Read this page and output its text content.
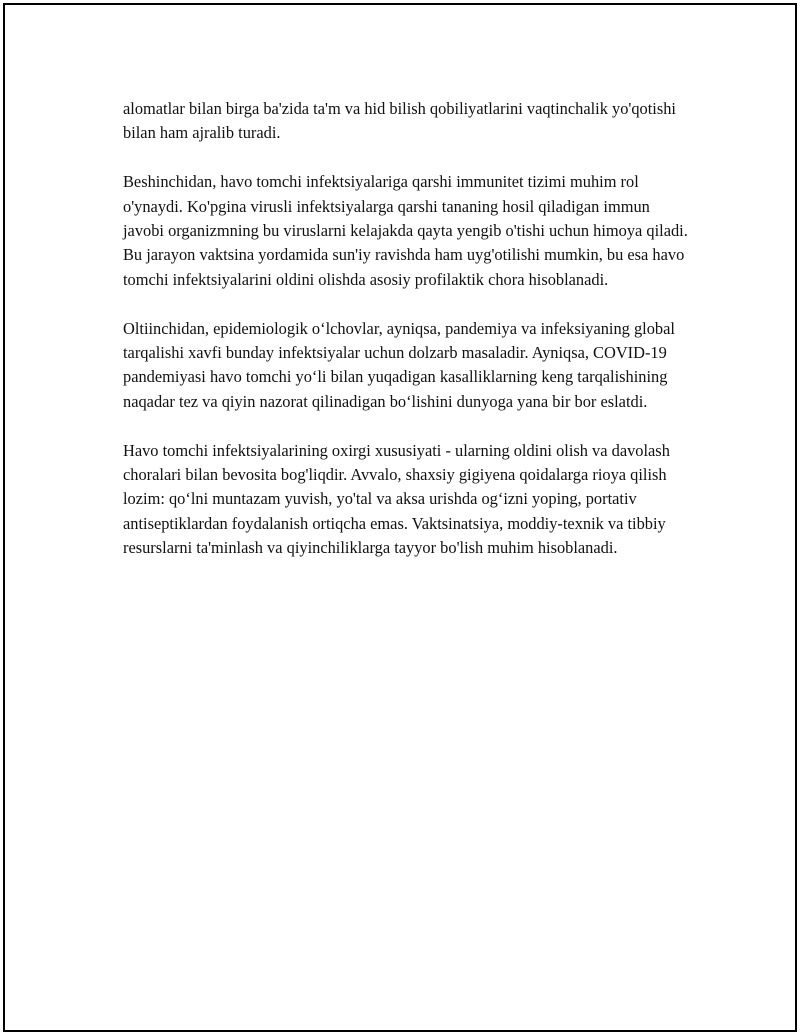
alomatlar bilan birga ba'zida ta'm va hid bilish qobiliyatlarini vaqtinchalik yo'qotishi bilan ham ajralib turadi.

Beshinchidan, havo tomchi infektsiyalariga qarshi immunitet tizimi muhim rol o'ynaydi. Ko'pgina virusli infektsiyalarga qarshi tananing hosil qiladigan immun javobi organizmning bu viruslarni kelajakda qayta yengib o'tishi uchun himoya qiladi. Bu jarayon vaktsina yordamida sun'iy ravishda ham uyg'otilishi mumkin, bu esa havo tomchi infektsiyalarini oldini olishda asosiy profilaktik chora hisoblanadi.

Oltiinchidan, epidemiologik o‘lchovlar, ayniqsa, pandemiya va infeksiyaning global tarqalishi xavfi bunday infektsiyalar uchun dolzarb masaladir. Ayniqsa, COVID-19 pandemiyasi havo tomchi yo‘li bilan yuqadigan kasalliklarning keng tarqalishining naqadar tez va qiyin nazorat qilinadigan bo‘lishini dunyoga yana bir bor eslatdi.

Havo tomchi infektsiyalarining oxirgi xususiyati - ularning oldini olish va davolash choralari bilan bevosita bog'liqdir. Avvalo, shaxsiy gigiyena qoidalarga rioya qilish lozim: qo‘lni muntazam yuvish, yo'tal va aksa urishda og‘izni yoping, portativ antiseptiklardan foydalanish ortiqcha emas. Vaktsinatsiya, moddiy-texnik va tibbiy resurslarni ta'minlash va qiyinchiliklarga tayyor bo'lish muhim hisoblanadi.
